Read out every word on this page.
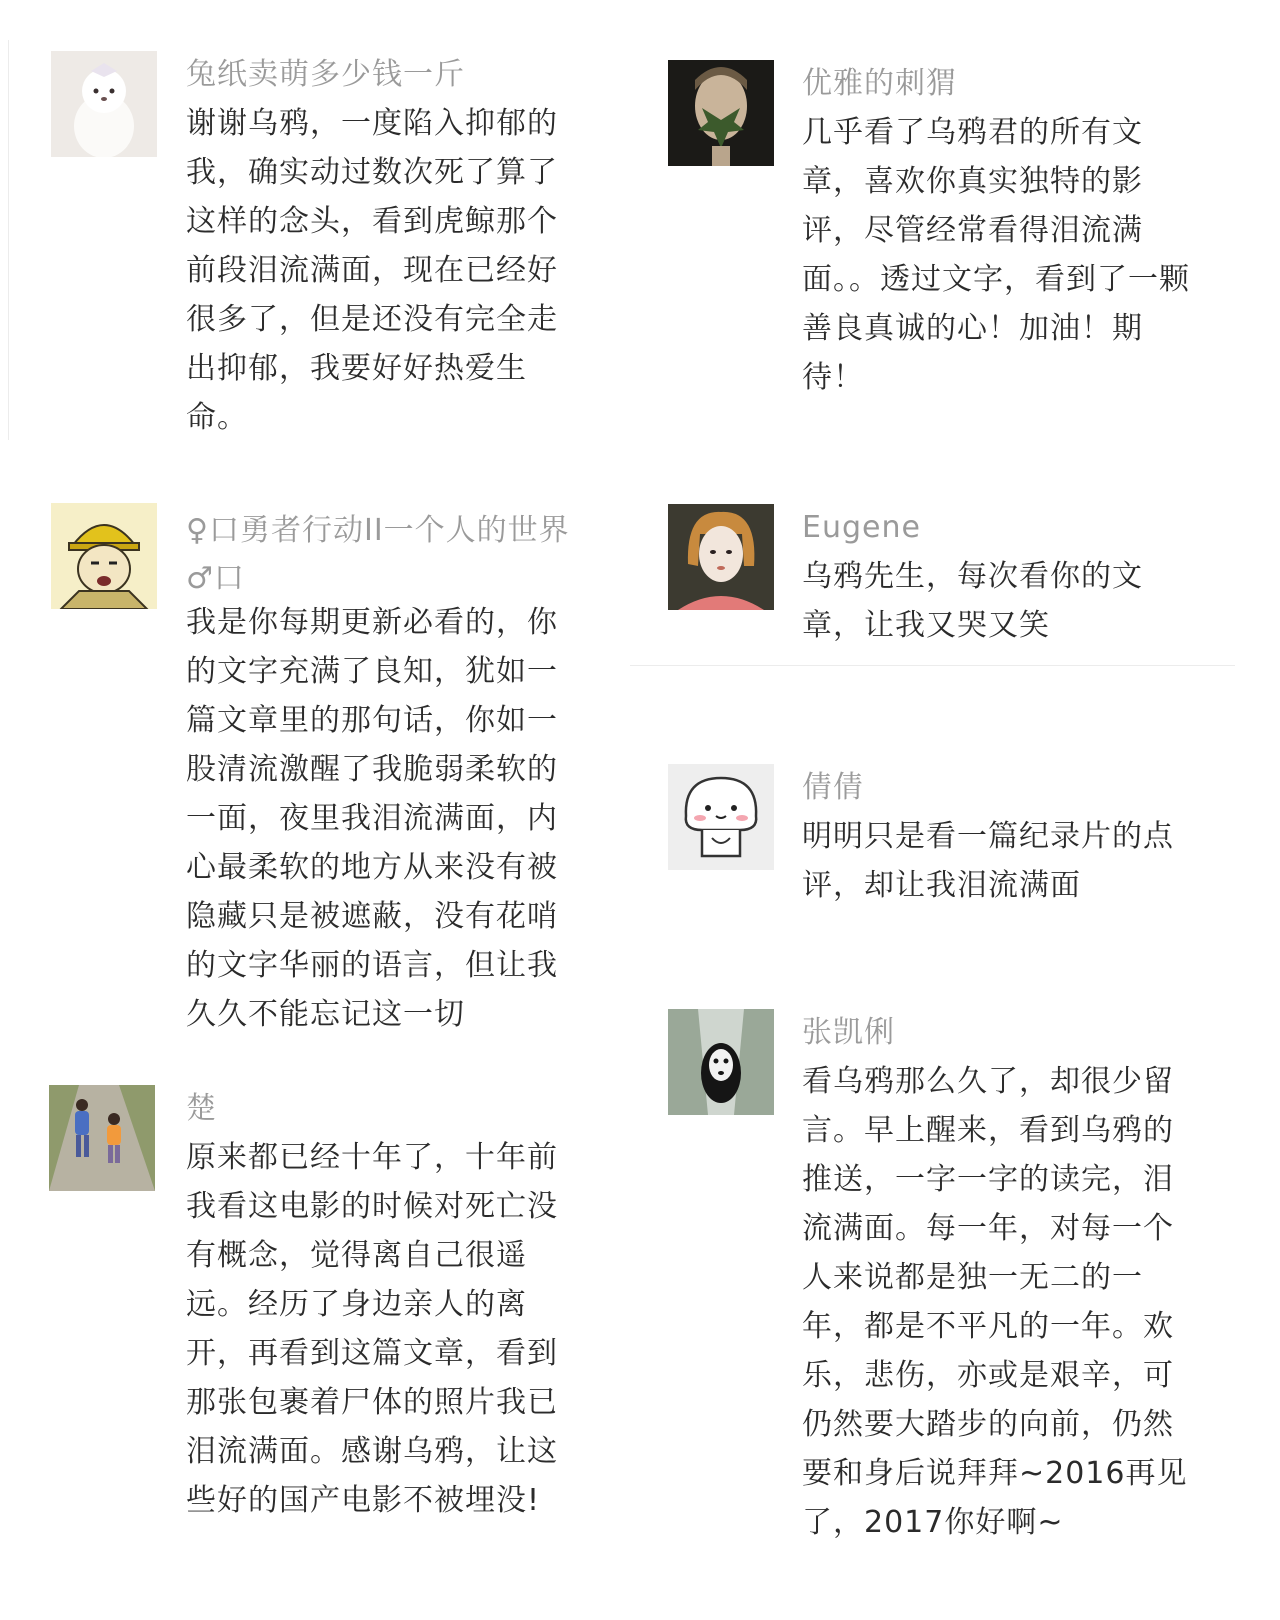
兔纸卖萌多少钱一斤
谢谢乌鸦，一度陷入抑郁的我，确实动过数次死了算了这样的念头，看到虎鲸那个前段泪流满面，现在已经好很多了，但是还没有完全走出抑郁，我要好好热爱生命。
♀口勇者行动II一个人的世界♂口
我是你每期更新必看的，你的文字充满了良知，犹如一篇文章里的那句话，你如一股清流激醒了我脆弱柔软的一面，夜里我泪流满面，内心最柔软的地方从来没有被隐藏只是被遮蔽，没有花哨的文字华丽的语言，但让我久久不能忘记这一切
楚
原来都已经十年了，十年前我看这电影的时候对死亡没有概念，觉得离自己很遥远。经历了身边亲人的离开，再看到这篇文章，看到那张包裹着尸体的照片我已泪流满面。感谢乌鸦，让这些好的国产电影不被埋没!
优雅的刺猬
几乎看了乌鸦君的所有文章，喜欢你真实独特的影评，尽管经常看得泪流满面。。透过文字，看到了一颗善良真诚的心！加油！期待！
Eugene
乌鸦先生，每次看你的文章，让我又哭又笑
倩倩
明明只是看一篇纪录片的点评，却让我泪流满面
张凯俐
看乌鸦那么久了，却很少留言。早上醒来，看到乌鸦的推送，一字一字的读完，泪流满面。每一年，对每一个人来说都是独一无二的一年，都是不平凡的一年。欢乐，悲伤，亦或是艰辛，可仍然要大踏步的向前，仍然要和身后说拜拜~2016再见了，2017你好啊~
